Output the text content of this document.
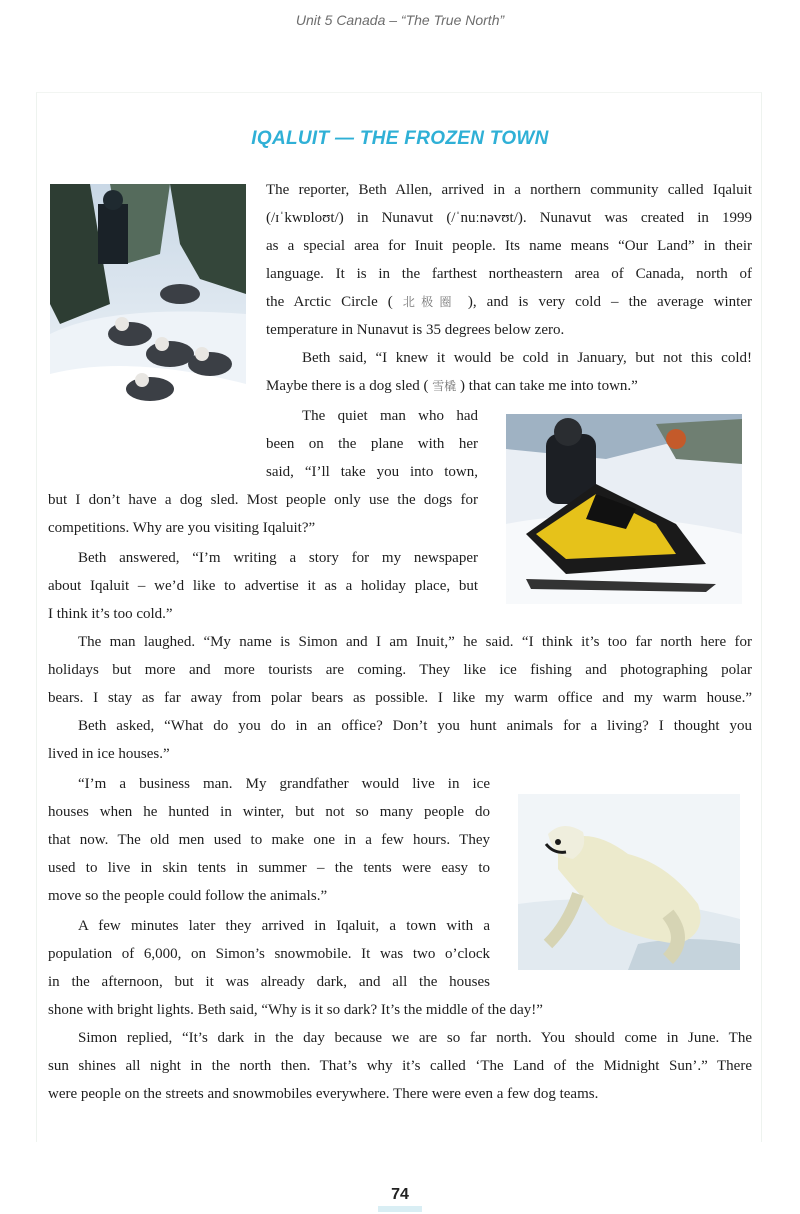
Unit 5 Canada – “The True North”
IQALUIT — THE FROZEN TOWN
The reporter, Beth Allen, arrived in a northern community called Iqaluit
(/ɪˈkwɒloʊt/) in Nunavut (/ˈnuːnəvʊt/). Nunavut was created in 1999
as a special area for Inuit people. Its name means “Our Land” in their
language. It is in the farthest northeastern area of Canada, north of
the Arctic Circle ( 北极圈 ), and is very cold – the average winter
temperature in Nunavut is 35 degrees below zero.
Beth said, “I knew it would be cold in January, but not this cold!
Maybe there is a dog sled ( 雪橇 ) that can take me into town.”
The quiet man who had
been on the plane with her
said, “I’ll take you into town,
but I don’t have a dog sled. Most people only use the dogs for
competitions. Why are you visiting Iqaluit?”
Beth answered, “I’m writing a story for my newspaper
about Iqaluit – we’d like to advertise it as a holiday place, but
I think it’s too cold.”
The man laughed. “My name is Simon and I am Inuit,” he said. “I think it’s too far north here for
holidays but more and more tourists are coming. They like ice fishing and photographing polar
bears. I stay as far away from polar bears as possible. I like my warm office and my warm house.”
Beth asked, “What do you do in an office? Don’t you hunt animals for a living? I thought you
lived in ice houses.”
“I’m a business man. My grandfather would live in ice
houses when he hunted in winter, but not so many people do
that now. The old men used to make one in a few hours. They
used to live in skin tents in summer – the tents were easy to
move so the people could follow the animals.”
A few minutes later they arrived in Iqaluit, a town with a
population of 6,000, on Simon’s snowmobile. It was two o’clock
in the afternoon, but it was already dark, and all the houses
shone with bright lights. Beth said, “Why is it so dark? It’s the middle of the day!”
Simon replied, “It’s dark in the day because we are so far north. You should come in June. The
sun shines all night in the north then. That’s why it’s called ‘The Land of the Midnight Sun’.” There
were people on the streets and snowmobiles everywhere. There were even a few dog teams.
74
